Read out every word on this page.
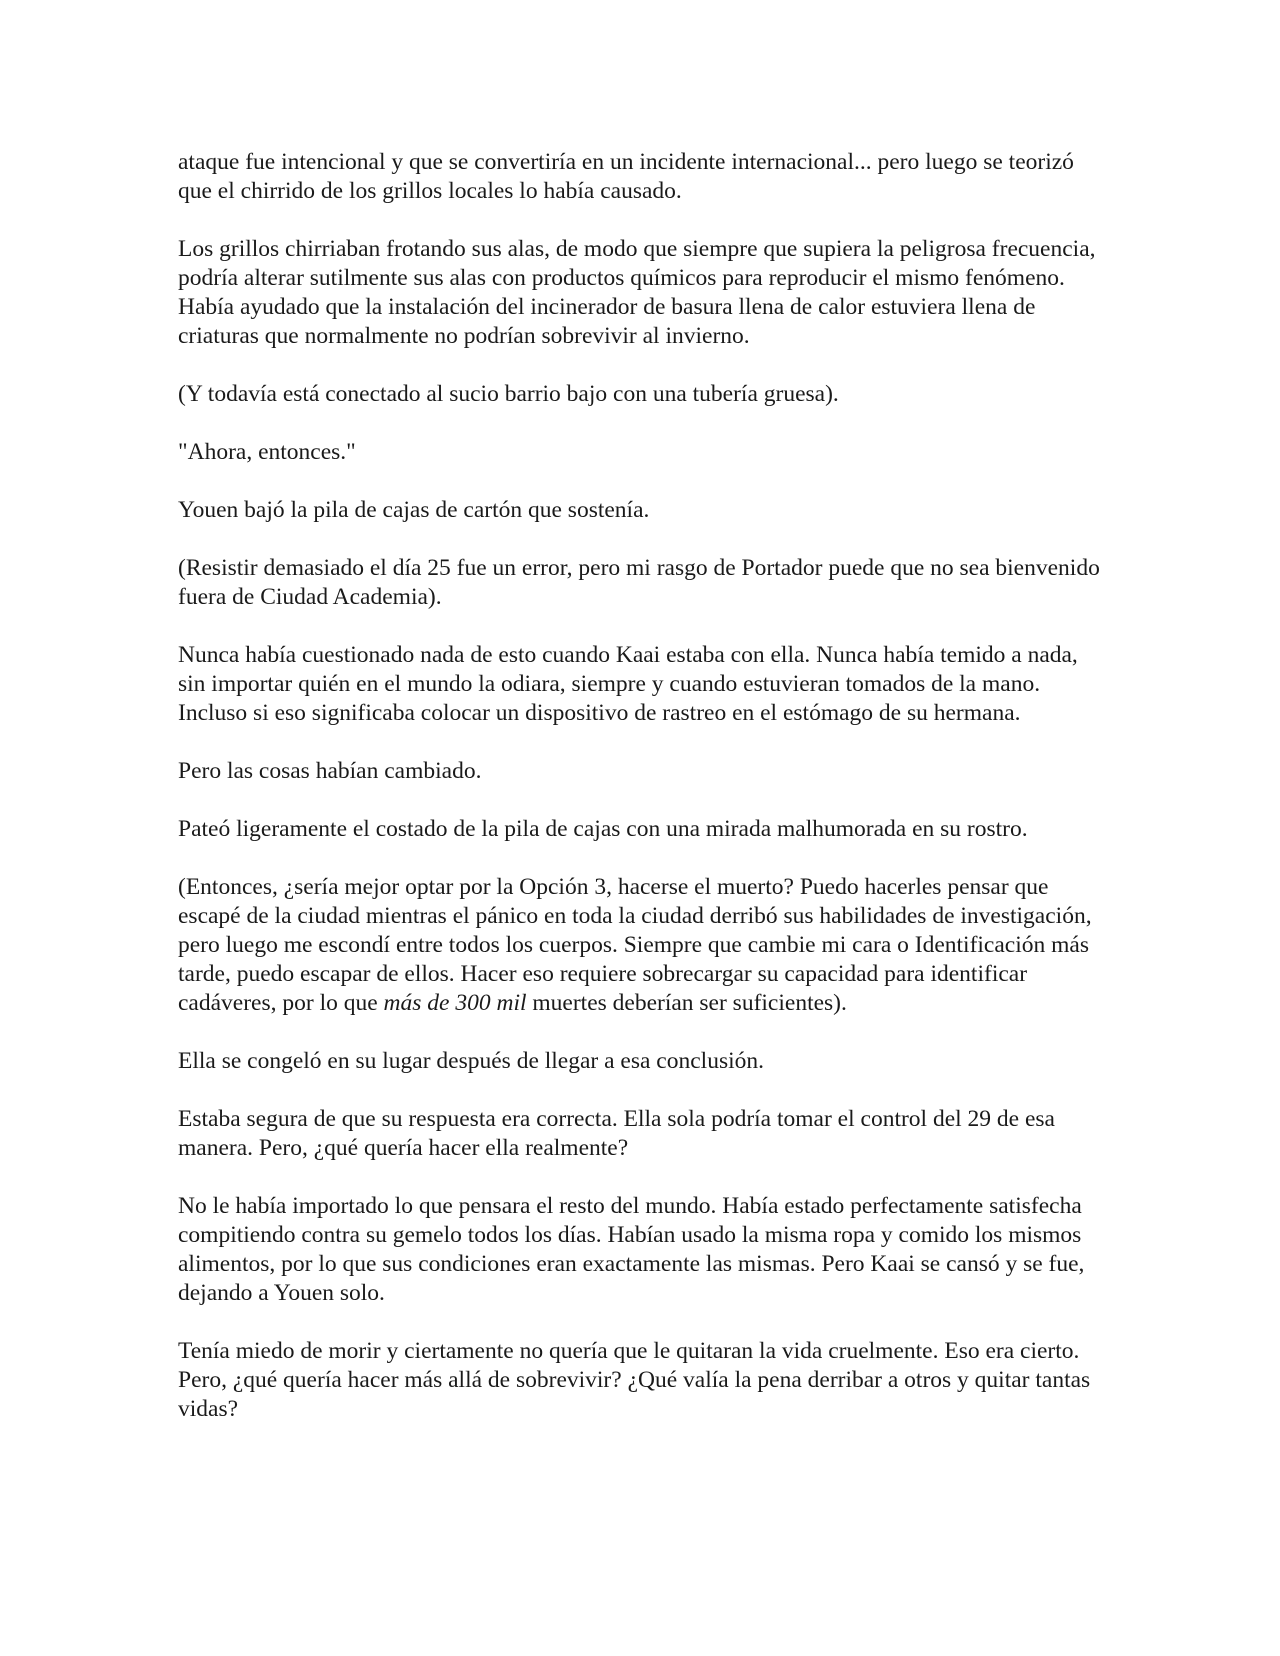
ataque fue intencional y que se convertiría en un incidente internacional... pero luego se teorizó que el chirrido de los grillos locales lo había causado.

Los grillos chirriaban frotando sus alas, de modo que siempre que supiera la peligrosa frecuencia, podría alterar sutilmente sus alas con productos químicos para reproducir el mismo fenómeno. Había ayudado que la instalación del incinerador de basura llena de calor estuviera llena de criaturas que normalmente no podrían sobrevivir al invierno.

(Y todavía está conectado al sucio barrio bajo con una tubería gruesa).

"Ahora, entonces."

Youen bajó la pila de cajas de cartón que sostenía.

(Resistir demasiado el día 25 fue un error, pero mi rasgo de Portador puede que no sea bienvenido fuera de Ciudad Academia).

Nunca había cuestionado nada de esto cuando Kaai estaba con ella. Nunca había temido a nada, sin importar quién en el mundo la odiara, siempre y cuando estuvieran tomados de la mano. Incluso si eso significaba colocar un dispositivo de rastreo en el estómago de su hermana.

Pero las cosas habían cambiado.

Pateó ligeramente el costado de la pila de cajas con una mirada malhumorada en su rostro.

(Entonces, ¿sería mejor optar por la Opción 3, hacerse el muerto? Puedo hacerles pensar que escapé de la ciudad mientras el pánico en toda la ciudad derribó sus habilidades de investigación, pero luego me escondí entre todos los cuerpos. Siempre que cambie mi cara o Identificación más tarde, puedo escapar de ellos. Hacer eso requiere sobrecargar su capacidad para identificar cadáveres, por lo que más de 300 mil muertes deberían ser suficientes).

Ella se congeló en su lugar después de llegar a esa conclusión.

Estaba segura de que su respuesta era correcta. Ella sola podría tomar el control del 29 de esa manera. Pero, ¿qué quería hacer ella realmente?

No le había importado lo que pensara el resto del mundo. Había estado perfectamente satisfecha compitiendo contra su gemelo todos los días. Habían usado la misma ropa y comido los mismos alimentos, por lo que sus condiciones eran exactamente las mismas. Pero Kaai se cansó y se fue, dejando a Youen solo.

Tenía miedo de morir y ciertamente no quería que le quitaran la vida cruelmente. Eso era cierto. Pero, ¿qué quería hacer más allá de sobrevivir? ¿Qué valía la pena derribar a otros y quitar tantas vidas?
